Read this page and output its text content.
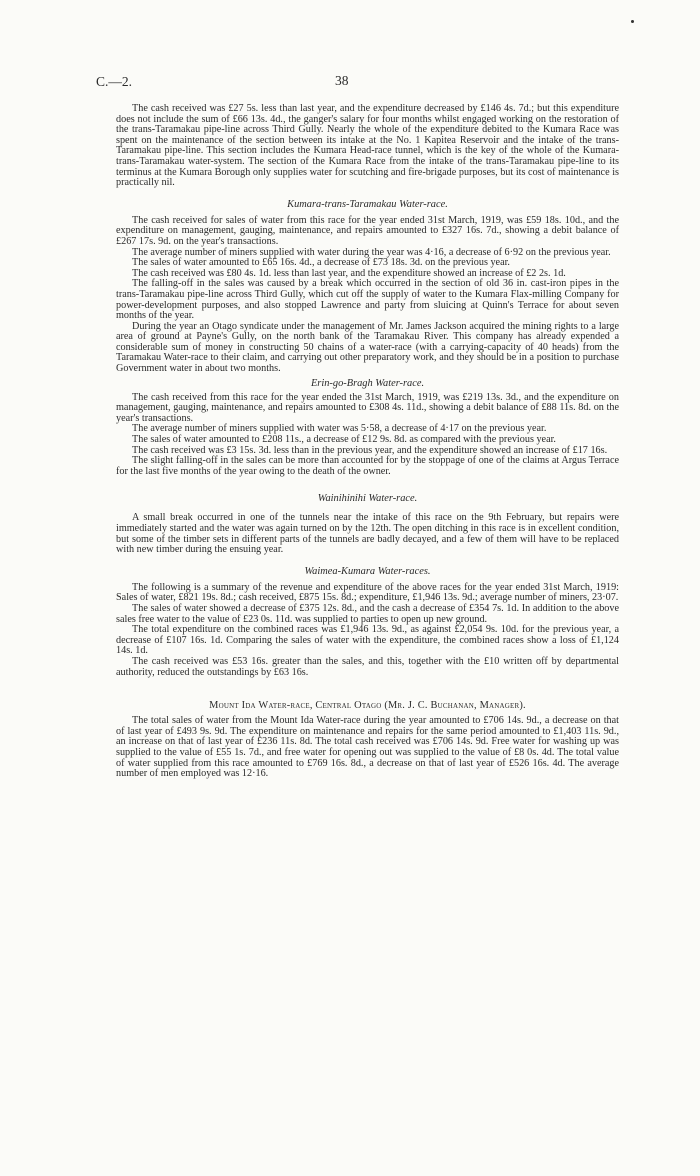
C.—2.	38

The cash received was £27 5s. less than last year, and the expenditure decreased by £146 4s. 7d.; but this expenditure does not include the sum of £66 13s. 4d., the ganger's salary for four months whilst engaged working on the restoration of the trans-Taramakau pipe-line across Third Gully. Nearly the whole of the expenditure debited to the Kumara Race was spent on the maintenance of the section between its intake at the No. 1 Kapitea Reservoir and the intake of the trans-Taramakau pipe-line. This section includes the Kumara Head-race tunnel, which is the key of the whole of the Kumara-trans-Taramakau water-system. The section of the Kumara Race from the intake of the trans-Taramakau pipe-line to its terminus at the Kumara Borough only supplies water for scutching and fire-brigade purposes, but its cost of maintenance is practically nil.

Kumara-trans-Taramakau Water-race.

The cash received for sales of water from this race for the year ended 31st March, 1919, was £59 18s. 10d., and the expenditure on management, gauging, maintenance, and repairs amounted to £327 16s. 7d., showing a debit balance of £267 17s. 9d. on the year's transactions.

The average number of miners supplied with water during the year was 4·16, a decrease of 6·92 on the previous year.

The sales of water amounted to £65 16s. 4d., a decrease of £73 18s. 3d. on the previous year.

The cash received was £80 4s. 1d. less than last year, and the expenditure showed an increase of £2 2s. 1d.

The falling-off in the sales was caused by a break which occurred in the section of old 36 in. cast-iron pipes in the trans-Taramakau pipe-line across Third Gully, which cut off the supply of water to the Kumara Flax-milling Company for power-development purposes, and also stopped Lawrence and party from sluicing at Quinn's Terrace for about seven months of the year.

During the year an Otago syndicate under the management of Mr. James Jackson acquired the mining rights to a large area of ground at Payne's Gully, on the north bank of the Taramakau River. This company has already expended a considerable sum of money in constructing 50 chains of a water-race (with a carrying-capacity of 40 heads) from the Taramakau Water-race to their claim, and carrying out other preparatory work, and they should be in a position to purchase Government water in about two months.

Erin-go-Bragh Water-race.

The cash received from this race for the year ended the 31st March, 1919, was £219 13s. 3d., and the expenditure on management, gauging, maintenance, and repairs amounted to £308 4s. 11d., showing a debit balance of £88 11s. 8d. on the year's transactions.

The average number of miners supplied with water was 5·58, a decrease of 4·17 on the previous year.

The sales of water amounted to £208 11s., a decrease of £12 9s. 8d. as compared with the previous year.

The cash received was £3 15s. 3d. less than in the previous year, and the expenditure showed an increase of £17 16s.

The slight falling-off in the sales can be more than accounted for by the stoppage of one of the claims at Argus Terrace for the last five months of the year owing to the death of the owner.

Wainihinihi Water-race.

A small break occurred in one of the tunnels near the intake of this race on the 9th February, but repairs were immediately started and the water was again turned on by the 12th. The open ditching in this race is in excellent condition, but some of the timber sets in different parts of the tunnels are badly decayed, and a few of them will have to be replaced with new timber during the ensuing year.

Waimea-Kumara Water-races.

The following is a summary of the revenue and expenditure of the above races for the year ended 31st March, 1919: Sales of water, £821 19s. 8d.; cash received, £875 15s. 8d.; expenditure, £1,946 13s. 9d.; average number of miners, 23·07.

The sales of water showed a decrease of £375 12s. 8d., and the cash a decrease of £354 7s. 1d. In addition to the above sales free water to the value of £23 0s. 11d. was supplied to parties to open up new ground.

The total expenditure on the combined races was £1,946 13s. 9d., as against £2,054 9s. 10d. for the previous year, a decrease of £107 16s. 1d. Comparing the sales of water with the expenditure, the combined races show a loss of £1,124 14s. 1d.

The cash received was £53 16s. greater than the sales, and this, together with the £10 written off by departmental authority, reduced the outstandings by £63 16s.

Mount Ida Water-race, Central Otago (Mr. J. C. Buchanan, Manager).

The total sales of water from the Mount Ida Water-race during the year amounted to £706 14s. 9d., a decrease on that of last year of £493 9s. 9d. The expenditure on maintenance and repairs for the same period amounted to £1,403 11s. 9d., an increase on that of last year of £236 11s. 8d. The total cash received was £706 14s. 9d. Free water for washing up was supplied to the value of £55 1s. 7d., and free water for opening out was supplied to the value of £8 0s. 4d. The total value of water supplied from this race amounted to £769 16s. 8d., a decrease on that of last year of £526 16s. 4d. The average number of men employed was 12·16.
